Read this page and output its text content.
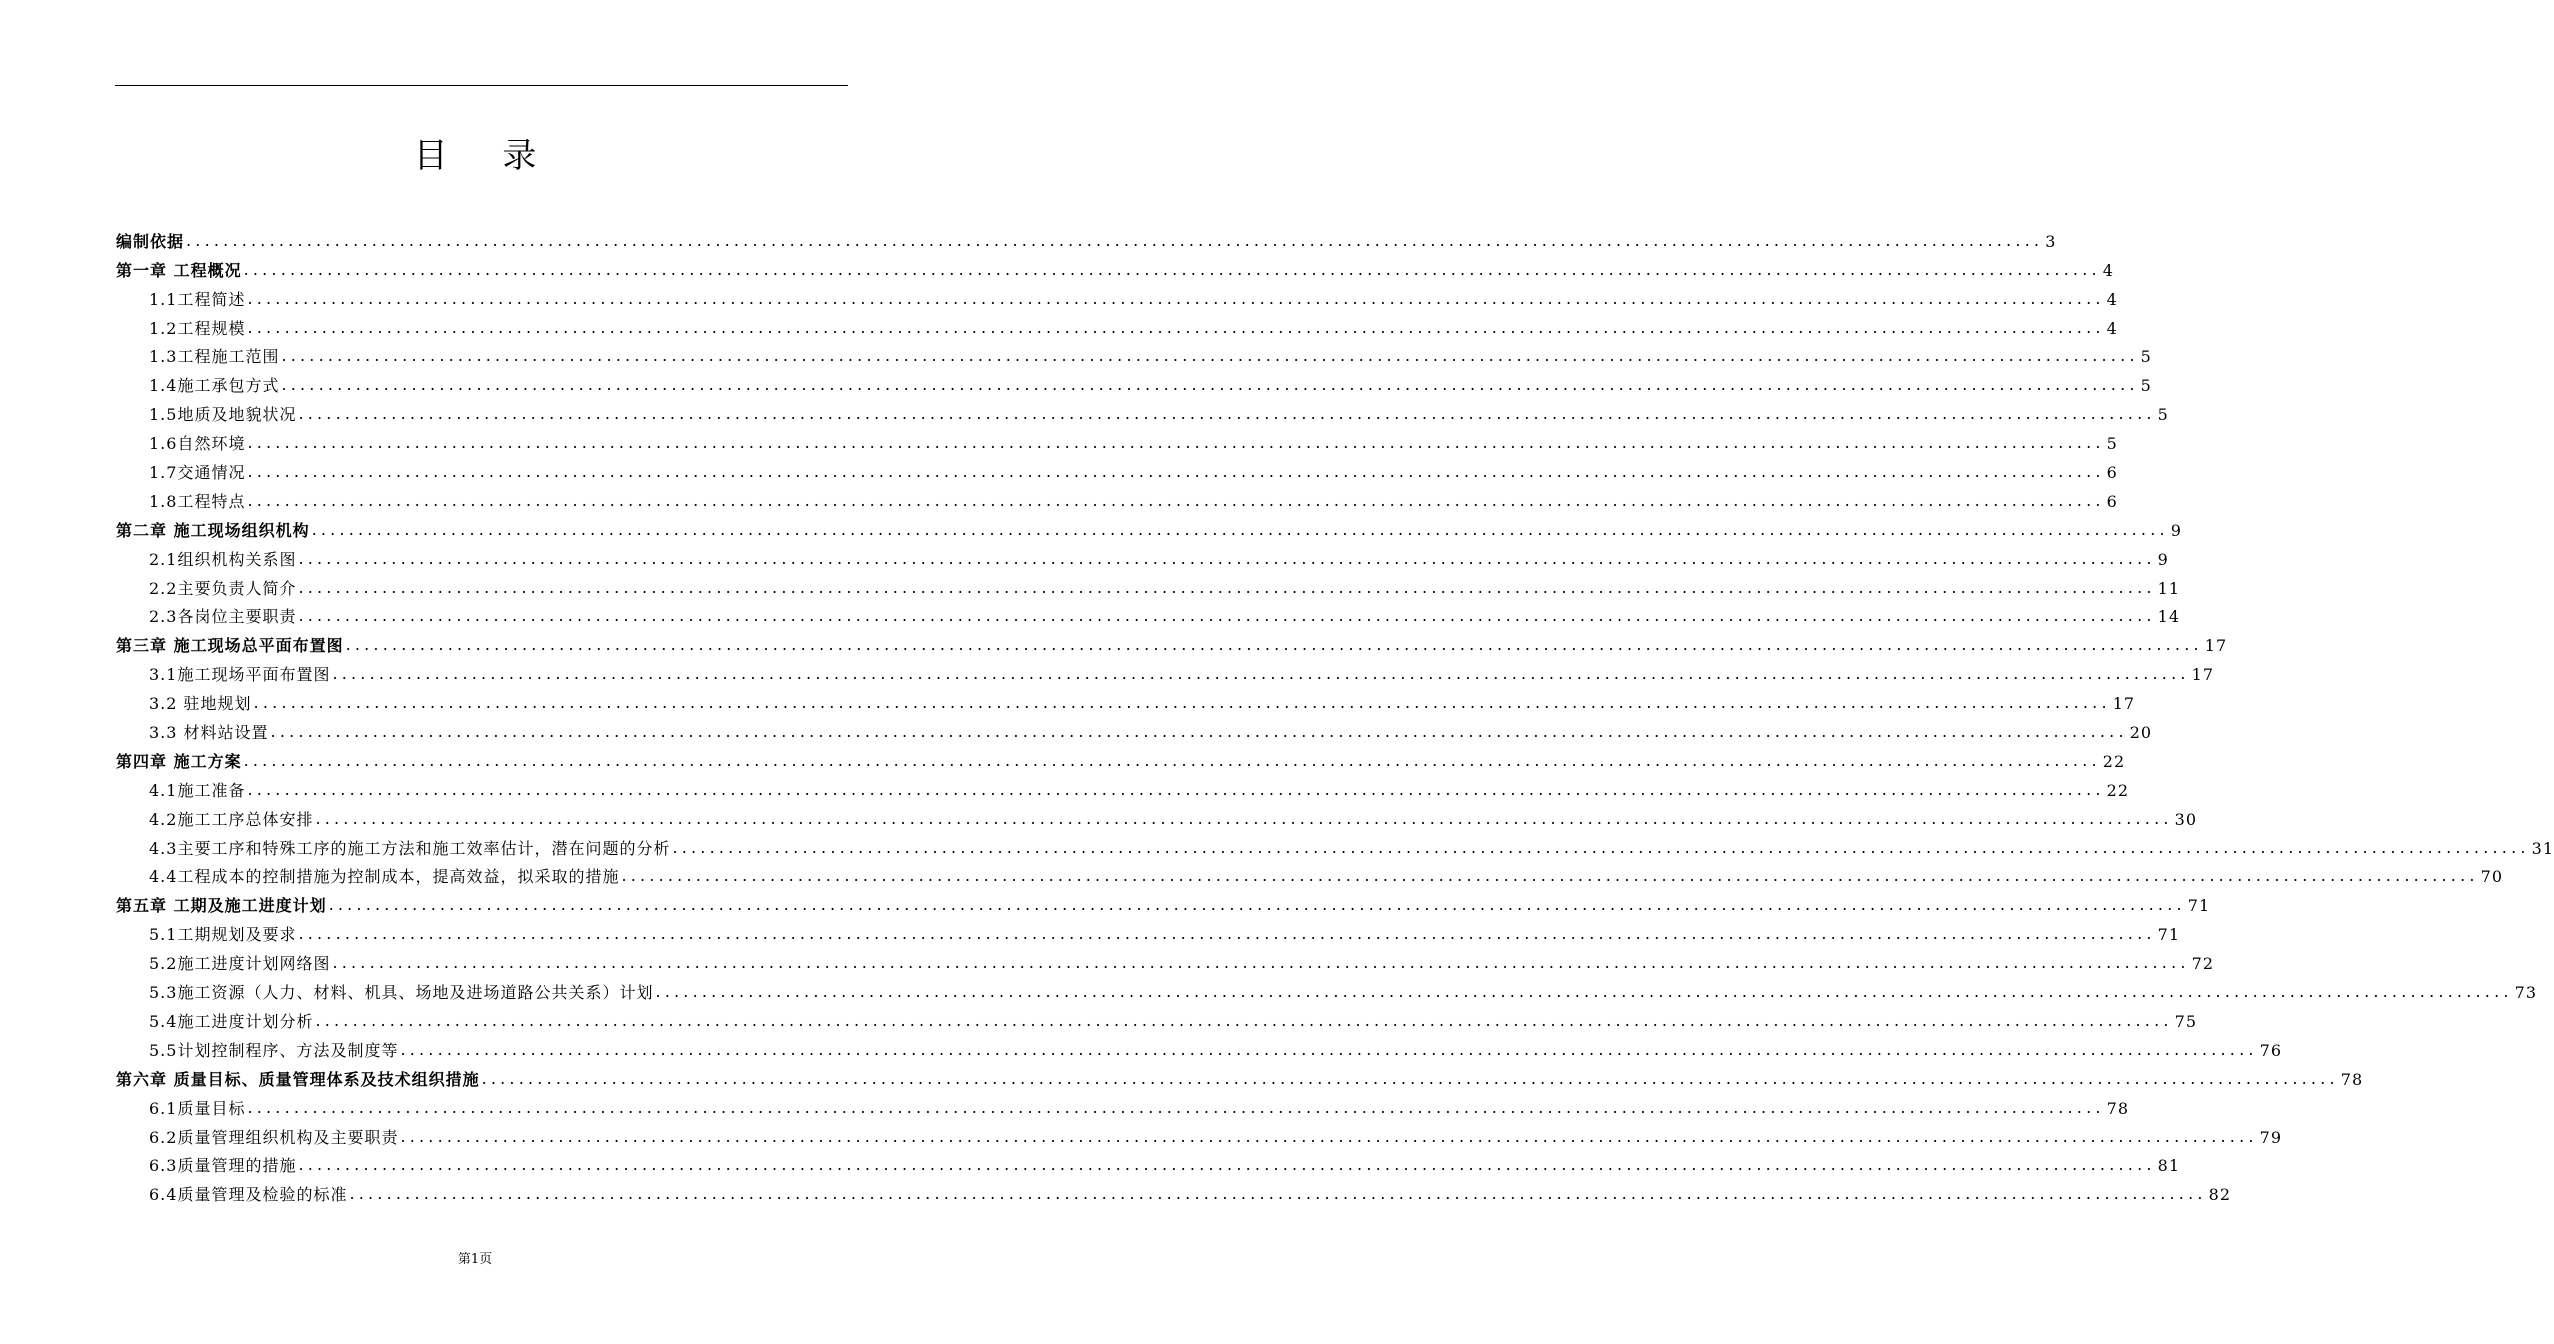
目 录
编制依据 ........................................................................................................................................................................................................ 3
第一章 工程概况 ........................................................................................................................................................................................................ 4
1.1工程简述 ........................................................................................................................................................................................................ 4
1.2工程规模 ........................................................................................................................................................................................................ 4
1.3工程施工范围 ........................................................................................................................................................................................................ 5
1.4施工承包方式 ........................................................................................................................................................................................................ 5
1.5地质及地貌状况 ........................................................................................................................................................................................................ 5
1.6自然环境 ........................................................................................................................................................................................................ 5
1.7交通情况 ........................................................................................................................................................................................................ 6
1.8工程特点 ........................................................................................................................................................................................................ 6
第二章 施工现场组织机构 ........................................................................................................................................................................................................ 9
2.1组织机构关系图 ........................................................................................................................................................................................................ 9
2.2主要负责人简介 ........................................................................................................................................................................................................ 11
2.3各岗位主要职责 ........................................................................................................................................................................................................ 14
第三章 施工现场总平面布置图 ........................................................................................................................................................................................................ 17
3.1施工现场平面布置图 ........................................................................................................................................................................................................ 17
3.2 驻地规划 ........................................................................................................................................................................................................ 17
3.3 材料站设置 ........................................................................................................................................................................................................ 20
第四章 施工方案 ........................................................................................................................................................................................................ 22
4.1施工准备 ........................................................................................................................................................................................................ 22
4.2施工工序总体安排 ........................................................................................................................................................................................................ 30
4.3主要工序和特殊工序的施工方法和施工效率估计，潜在问题的分析 ........................................................................................................................................................................................................ 31
4.4工程成本的控制措施为控制成本，提高效益，拟采取的措施 ........................................................................................................................................................................................................ 70
第五章 工期及施工进度计划 ........................................................................................................................................................................................................ 71
5.1工期规划及要求 ........................................................................................................................................................................................................ 71
5.2施工进度计划网络图 ........................................................................................................................................................................................................ 72
5.3施工资源（人力、材料、机具、场地及进场道路公共关系）计划 ........................................................................................................................................................................................................ 73
5.4施工进度计划分析 ........................................................................................................................................................................................................ 75
5.5计划控制程序、方法及制度等 ........................................................................................................................................................................................................ 76
第六章 质量目标、质量管理体系及技术组织措施 ........................................................................................................................................................................................................ 78
6.1质量目标 ........................................................................................................................................................................................................ 78
6.2质量管理组织机构及主要职责 ........................................................................................................................................................................................................ 79
6.3质量管理的措施 ........................................................................................................................................................................................................ 81
6.4质量管理及检验的标准 ........................................................................................................................................................................................................ 82
第1页
